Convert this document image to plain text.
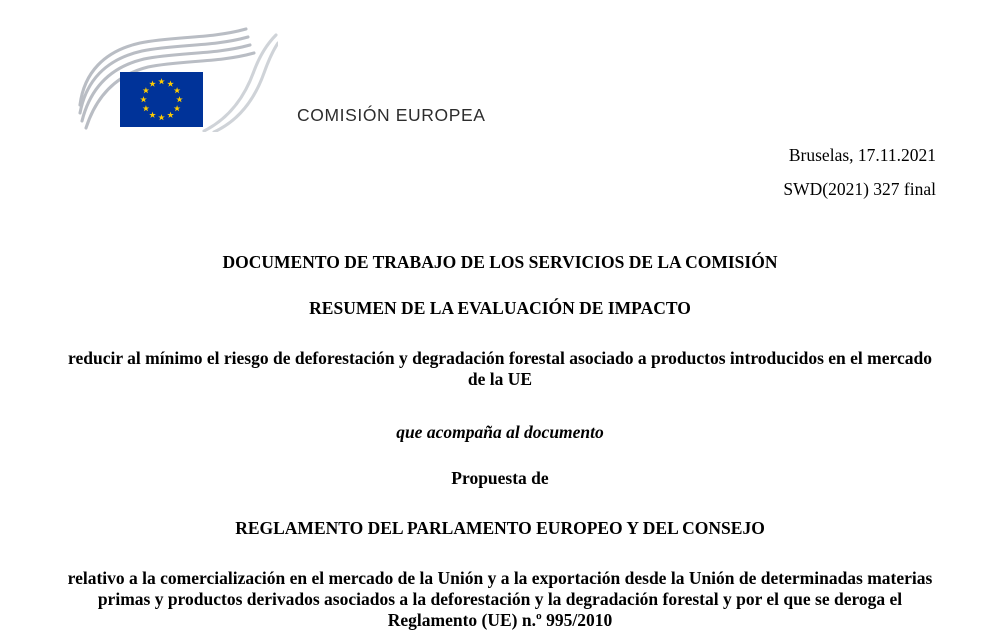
COMISIÓN EUROPEA
Bruselas, 17.11.2021
SWD(2021) 327 final
DOCUMENTO DE TRABAJO DE LOS SERVICIOS DE LA COMISIÓN
RESUMEN DE LA EVALUACIÓN DE IMPACTO
reducir al mínimo el riesgo de deforestación y degradación forestal asociado a productos introducidos en el mercado de la UE
que acompaña al documento
Propuesta de
REGLAMENTO DEL PARLAMENTO EUROPEO Y DEL CONSEJO
relativo a la comercialización en el mercado de la Unión y a la exportación desde la Unión de determinadas materias primas y productos derivados asociados a la deforestación y la degradación forestal y por el que se deroga el Reglamento (UE) n.º 995/2010
